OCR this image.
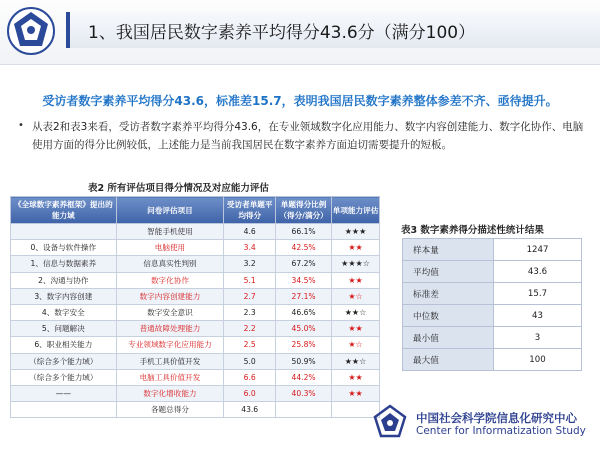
1、我国居民数字素养平均得分43.6分（满分100）
受访者数字素养平均得分43.6，标准差15.7，表明我国居民数字素养整体参差不齐、亟待提升。
• 从表2和表3来看，受访者数字素养平均得分43.6，在专业领域数字化应用能力、数字内容创建能力、数字化协作、电脑使用方面的得分比例较低，上述能力是当前我国居民在数字素养方面迫切需要提升的短板。
表2 所有评估项目得分情况及对应能力评估
《全球数字素养框架》提出的能力域	问卷评估项目	受访者单题平均得分	单题得分比例（得分/满分）	单项能力评估
	智能手机使用	4.6	66.1%	★★★
0、设备与软件操作	电脑使用	3.4	42.5%	★★
1、信息与数据素养	信息真实性判别	3.2	67.2%	★★★☆
2、沟通与协作	数字化协作	5.1	34.5%	★★
3、数字内容创建	数字内容创建能力	2.7	27.1%	★☆
4、数字安全	数字安全意识	2.3	46.6%	★★☆
5、问题解决	普通故障处理能力	2.2	45.0%	★★
6、职业相关能力	专业领域数字化应用能力	2.5	25.8%	★☆
（综合多个能力域）	手机工具价值开发	5.0	50.9%	★★☆
（综合多个能力域）	电脑工具价值开发	6.6	44.2%	★★
——	数字化增收能力	6.0	40.3%	★★
	各题总得分	43.6		
表3 数字素养得分描述性统计结果
样本量	1247
平均值	43.6
标准差	15.7
中位数	43
最小值	3
最大值	100
中国社会科学院信息化研究中心
Center for Informatization Study
